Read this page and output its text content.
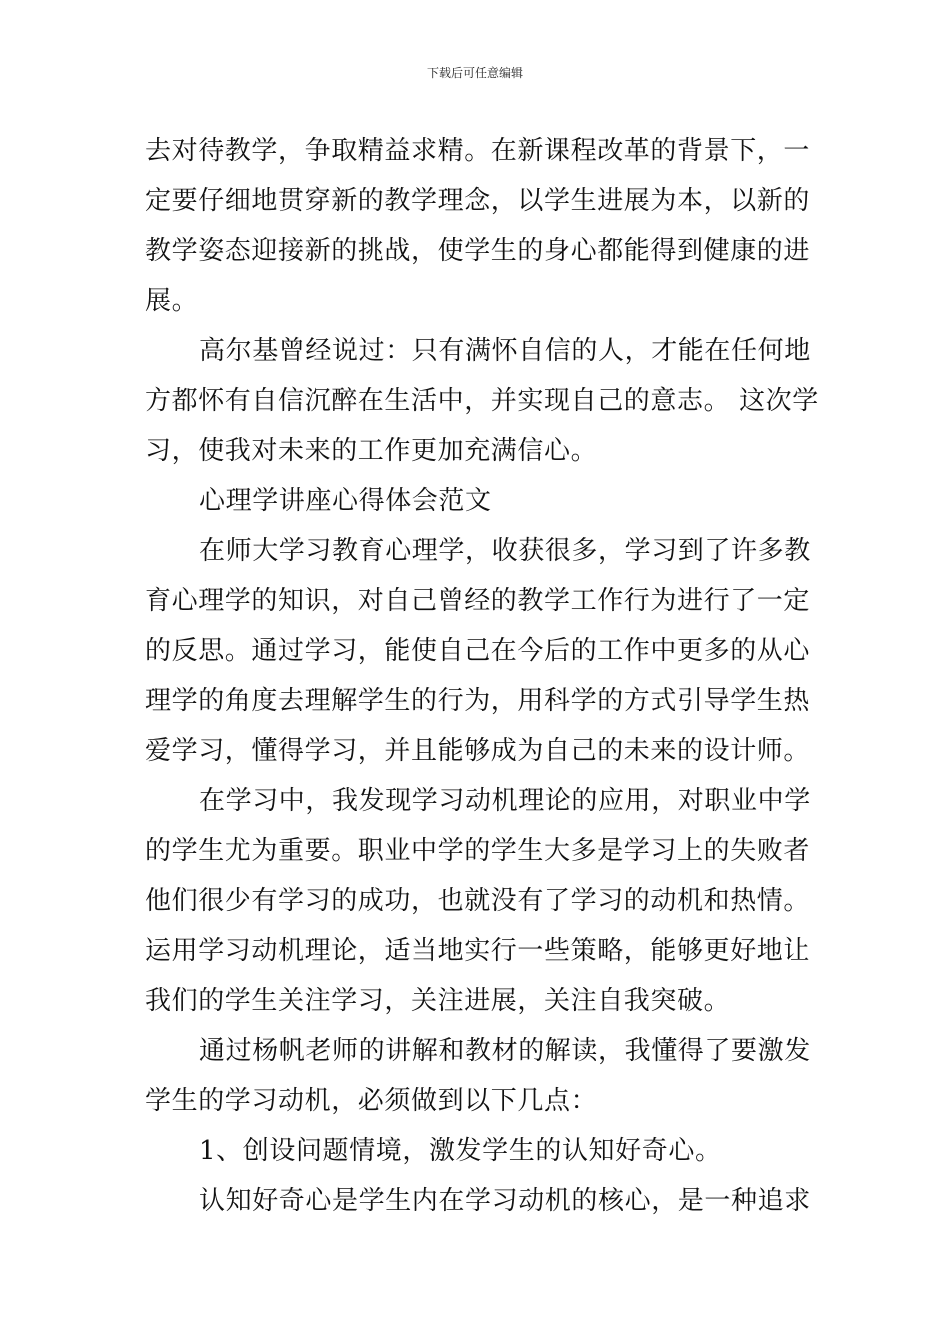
下载后可任意编辑
去对待教学，争取精益求精。在新课程改革的背景下，一
定要仔细地贯穿新的教学理念，以学生进展为本，以新的
教学姿态迎接新的挑战，使学生的身心都能得到健康的进
展。
高尔基曾经说过：只有满怀自信的人，才能在任何地
方都怀有自信沉醉在生活中，并实现自己的意志。 这次学
习，使我对未来的工作更加充满信心。
心理学讲座心得体会范文
在师大学习教育心理学，收获很多，学习到了许多教
育心理学的知识，对自己曾经的教学工作行为进行了一定
的反思。通过学习，能使自己在今后的工作中更多的从心
理学的角度去理解学生的行为，用科学的方式引导学生热
爱学习，懂得学习，并且能够成为自己的未来的设计师。
在学习中，我发现学习动机理论的应用，对职业中学
的学生尤为重要。职业中学的学生大多是学习上的失败者
他们很少有学习的成功，也就没有了学习的动机和热情。
运用学习动机理论，适当地实行一些策略，能够更好地让
我们的学生关注学习，关注进展，关注自我突破。
通过杨帆老师的讲解和教材的解读，我懂得了要激发
学生的学习动机，必须做到以下几点：
1、创设问题情境，激发学生的认知好奇心。
认知好奇心是学生内在学习动机的核心，是一种追求
